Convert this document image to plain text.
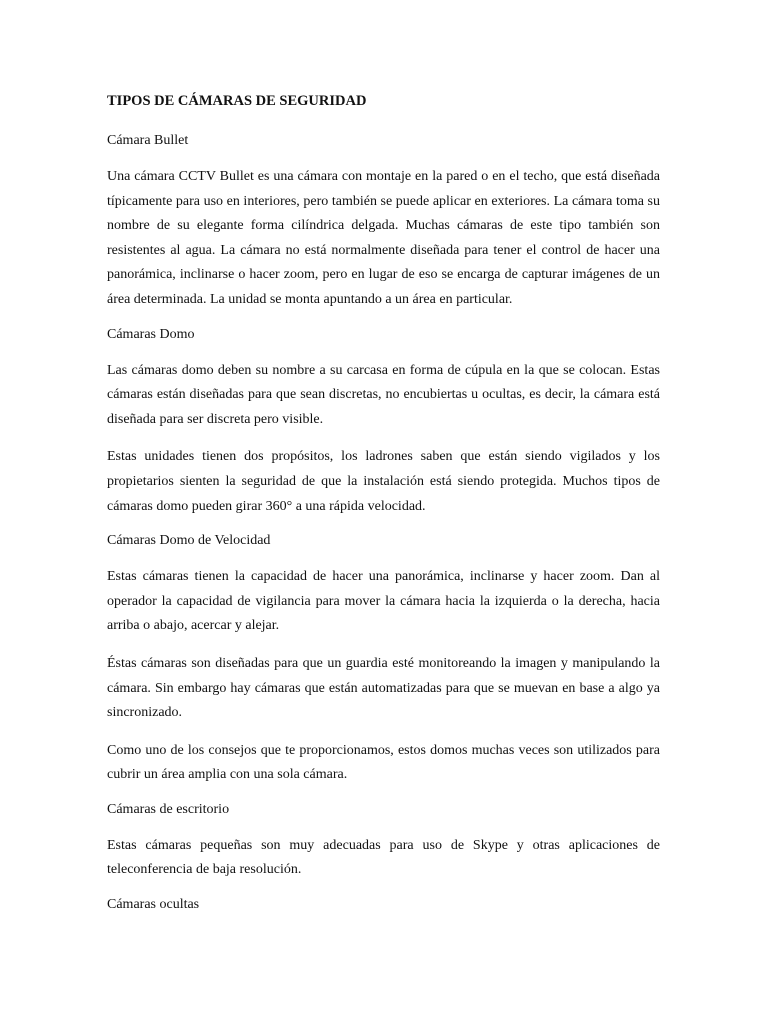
TIPOS DE CÁMARAS DE SEGURIDAD
Cámara Bullet

Una cámara CCTV Bullet es una cámara con montaje en la pared o en el techo, que está diseñada típicamente para uso en interiores, pero también se puede aplicar en exteriores. La cámara toma su nombre de su elegante forma cilíndrica delgada. Muchas cámaras de este tipo también son resistentes al agua. La cámara no está normalmente diseñada para tener el control de hacer una panorámica, inclinarse o hacer zoom, pero en lugar de eso se encarga de capturar imágenes de un área determinada. La unidad se monta apuntando a un área en particular.

Cámaras Domo

Las cámaras domo deben su nombre a su carcasa en forma de cúpula en la que se colocan. Estas cámaras están diseñadas para que sean discretas, no encubiertas u ocultas, es decir, la cámara está diseñada para ser discreta pero visible.

Estas unidades tienen dos propósitos, los ladrones saben que están siendo vigilados y los propietarios sienten la seguridad de que la instalación está siendo protegida. Muchos tipos de cámaras domo pueden girar 360° a una rápida velocidad.

Cámaras Domo de Velocidad

Estas cámaras tienen la capacidad de hacer una panorámica, inclinarse y hacer zoom. Dan al operador la capacidad de vigilancia para mover la cámara hacia la izquierda o la derecha, hacia arriba o abajo, acercar y alejar.

Éstas cámaras son diseñadas para que un guardia esté monitoreando la imagen y manipulando la cámara. Sin embargo hay cámaras que están automatizadas para que se muevan en base a algo ya sincronizado.

Como uno de los consejos que te proporcionamos, estos domos muchas veces son utilizados para cubrir un área amplia con una sola cámara.

Cámaras de escritorio

Estas cámaras pequeñas son muy adecuadas para uso de Skype y otras aplicaciones de teleconferencia de baja resolución.

Cámaras ocultas
